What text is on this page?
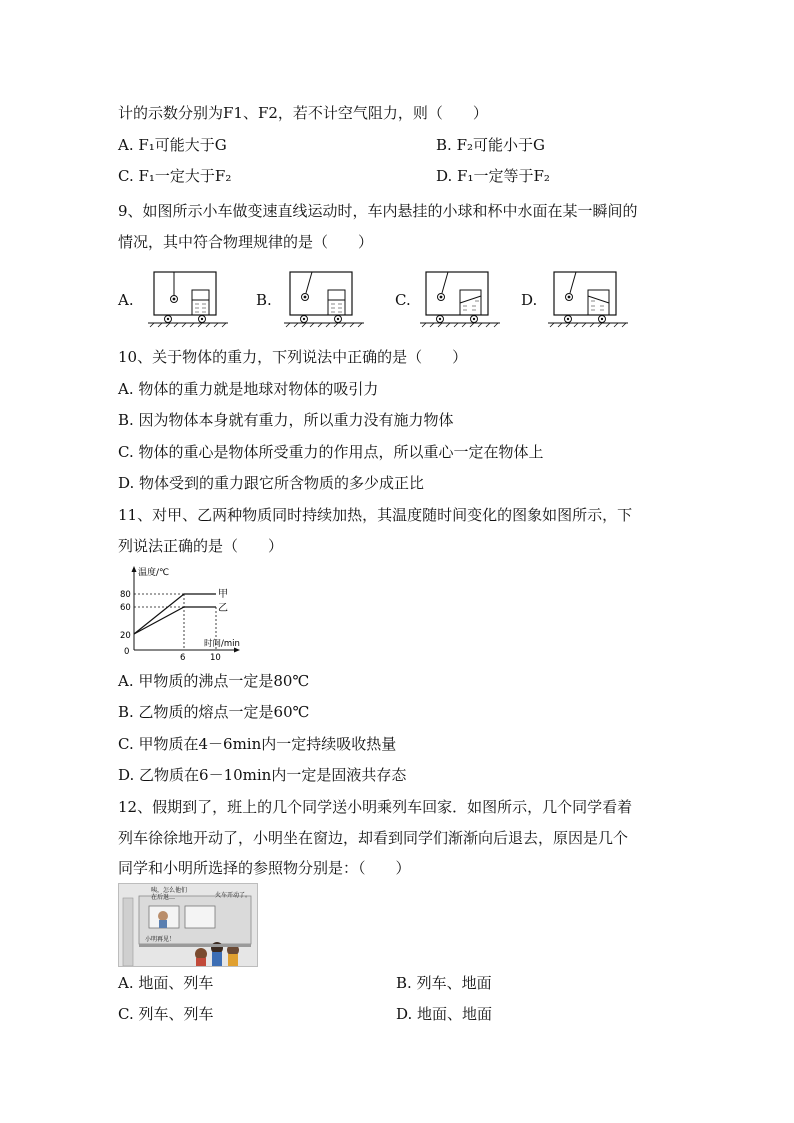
计的示数分别为F1、F2，若不计空气阻力，则（　　）
A. F₁可能大于G	B. F₂可能小于G
C. F₁一定大于F₂	D. F₁一定等于F₂
9、如图所示小车做变速直线运动时，车内悬挂的小球和杯中水面在某一瞬间的
情况，其中符合物理规律的是（　　）
A.	B.	C.	D.
10、关于物体的重力，下列说法中正确的是（　　）
A. 物体的重力就是地球对物体的吸引力
B. 因为物体本身就有重力，所以重力没有施力物体
C. 物体的重心是物体所受重力的作用点，所以重心一定在物体上
D. 物体受到的重力跟它所含物质的多少成正比
11、对甲、乙两种物质同时持续加热，其温度随时间变化的图象如图所示，下
列说法正确的是（　　）
温度/℃
时间/min
80
60
20
0
6	10
甲
乙
A. 甲物质的沸点一定是80℃
B. 乙物质的熔点一定是60℃
C. 甲物质在4－6min内一定持续吸收热量
D. 乙物质在6－10min内一定是固液共存态
12、假期到了，班上的几个同学送小明乘列车回家．如图所示，几个同学看着
列车徐徐地开动了，小明坐在窗边，却看到同学们渐渐向后退去，原因是几个
同学和小明所选择的参照物分别是：（　　）
咦，怎么他们在后退…	火车开动了。
小明再见！
A. 地面、列车	B. 列车、地面
C. 列车、列车	D. 地面、地面
